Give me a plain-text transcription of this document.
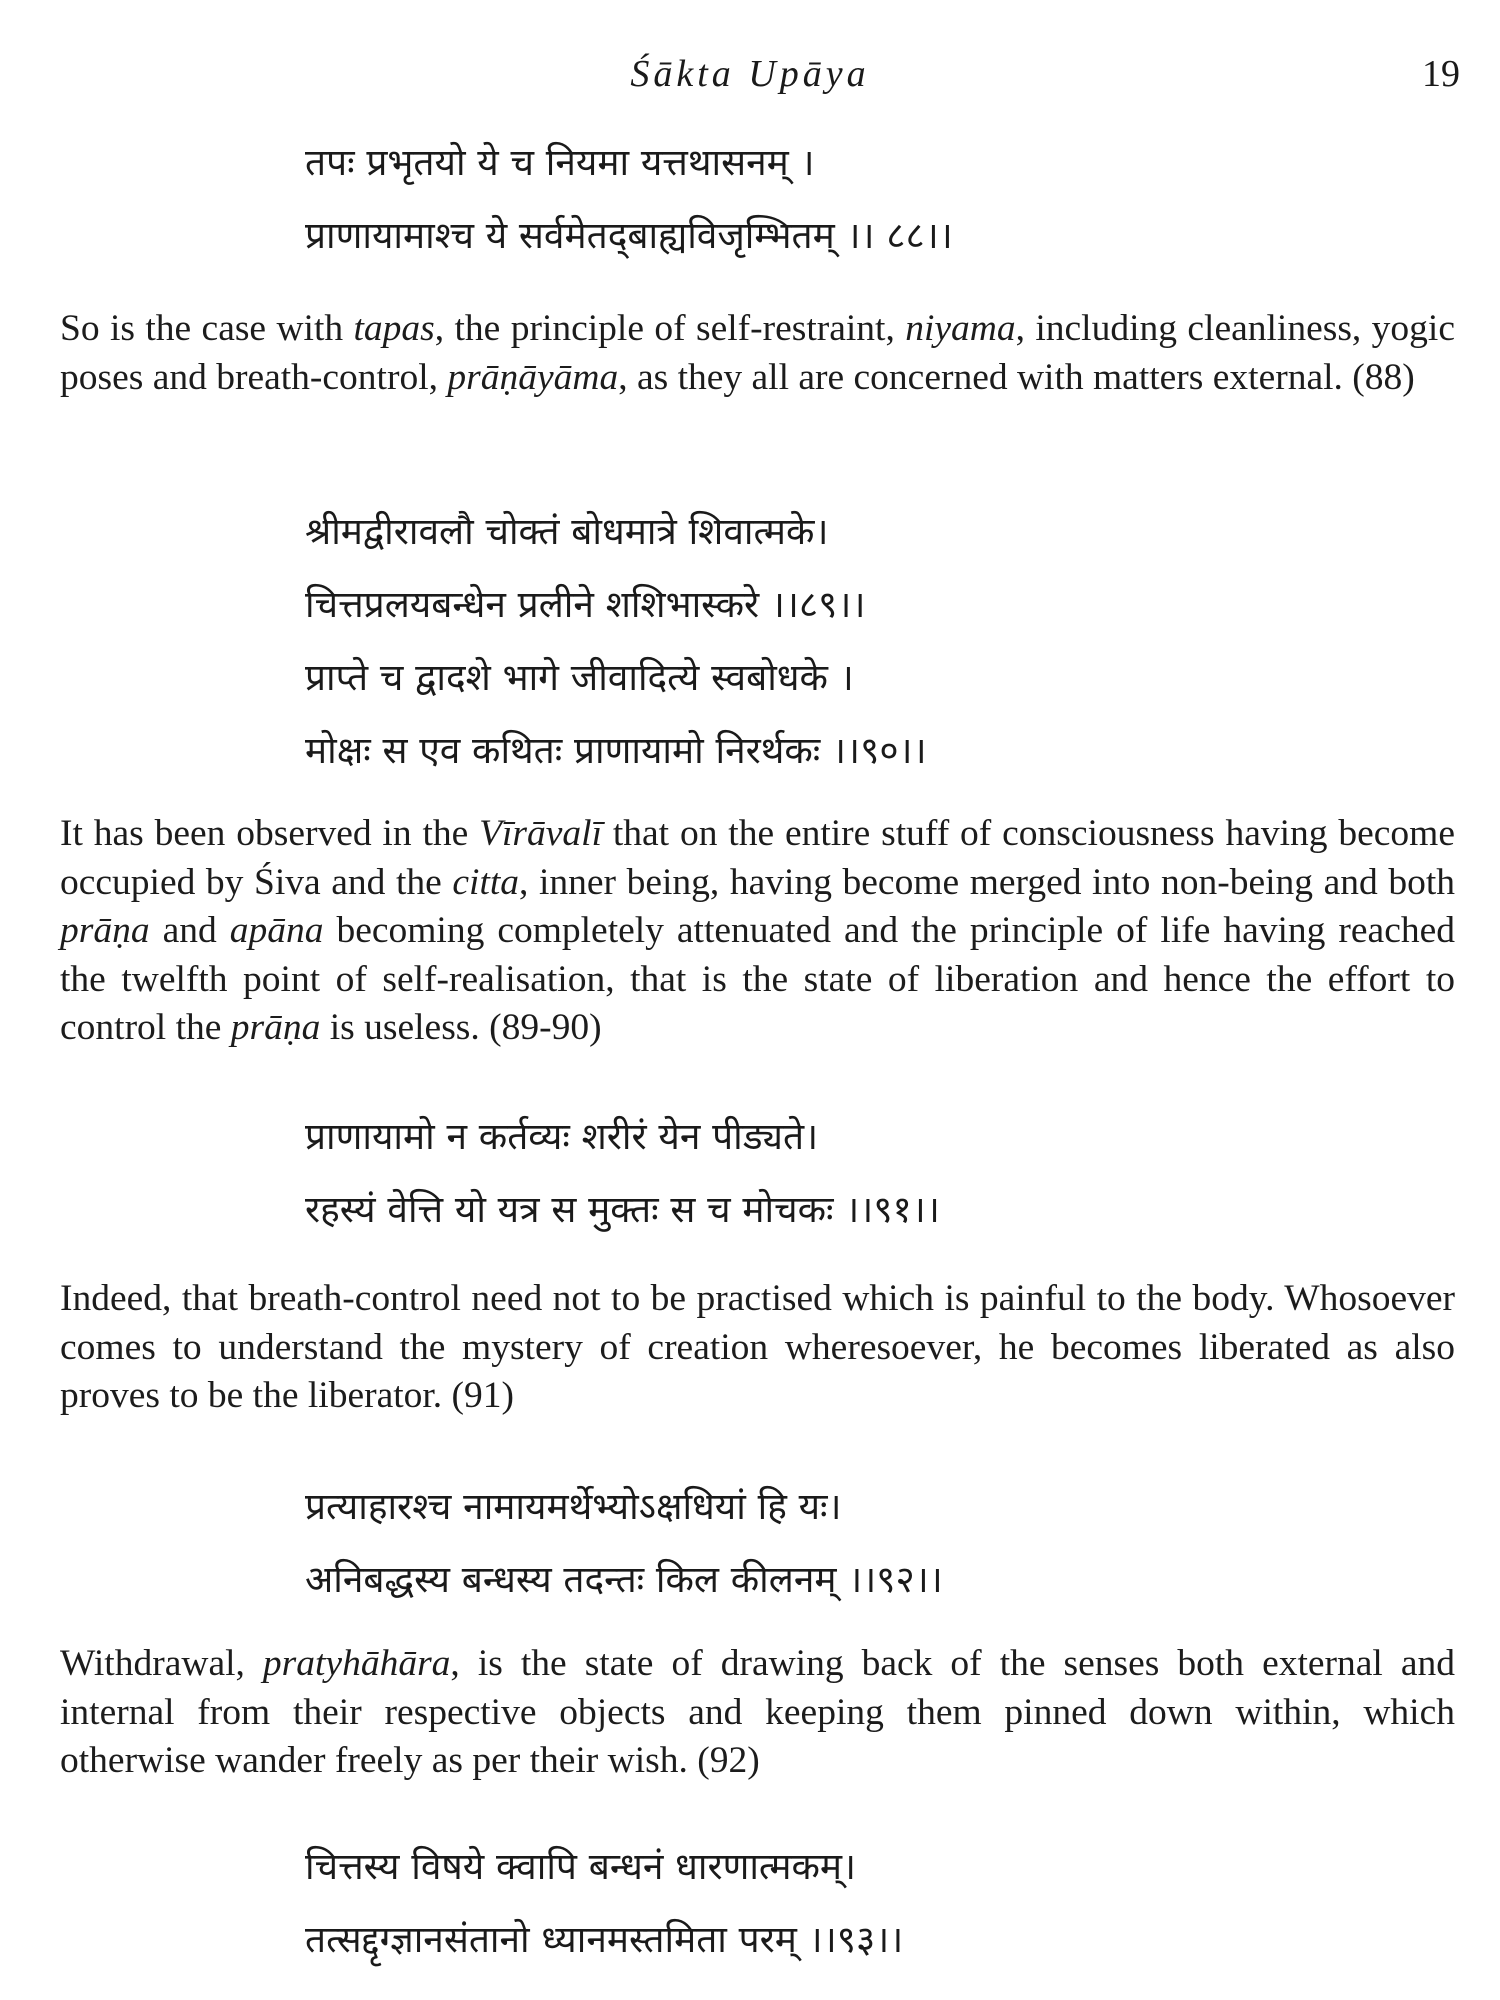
Śākta Upāya	19
तपः प्रभृतयो ये च नियमा यत्तथासनम् ।
प्राणायामाश्च ये सर्वमेतद्‌बाह्यविजृम्भितम् ।। ८८।।
So is the case with tapas, the principle of self-restraint, niyama, including cleanliness, yogic poses and breath-control, prāṇāyāma, as they all are concerned with matters external. (88)
श्रीमद्वीरावलौ चोक्तं बोधमात्रे शिवात्मके।
चित्तप्रलयबन्धेन प्रलीने शशिभास्करे ।।८९।।
प्राप्ते च द्वादशे भागे जीवादित्ये स्वबोधके ।
मोक्षः स एव कथितः प्राणायामो निरर्थकः ।।९०।।
It has been observed in the Vīrāvalī that on the entire stuff of consciousness having become occupied by Śiva and the citta, inner being, having become merged into non-being and both prāṇa and apāna becoming completely attenuated and the principle of life having reached the twelfth point of self-realisation, that is the state of liberation and hence the effort to control the prāṇa is useless. (89-90)
प्राणायामो न कर्तव्यः शरीरं येन पीड्यते।
रहस्यं वेत्ति यो यत्र स मुक्तः स च मोचकः ।।९१।।
Indeed, that breath-control need not to be practised which is painful to the body. Whosoever comes to understand the mystery of creation wheresoever, he becomes liberated as also proves to be the liberator. (91)
प्रत्याहारश्च नामायमर्थेभ्योऽक्षधियां हि यः।
अनिबद्धस्य बन्धस्य तदन्तः किल कीलनम् ।।९२।।
Withdrawal, pratyhāhāra, is the state of drawing back of the senses both external and internal from their respective objects and keeping them pinned down within, which otherwise wander freely as per their wish. (92)
चित्तस्य विषये क्वापि बन्धनं धारणात्मकम्।
तत्सद्दृग्ज्ञानसंतानो ध्यानमस्तमिता परम् ।।९३।।
